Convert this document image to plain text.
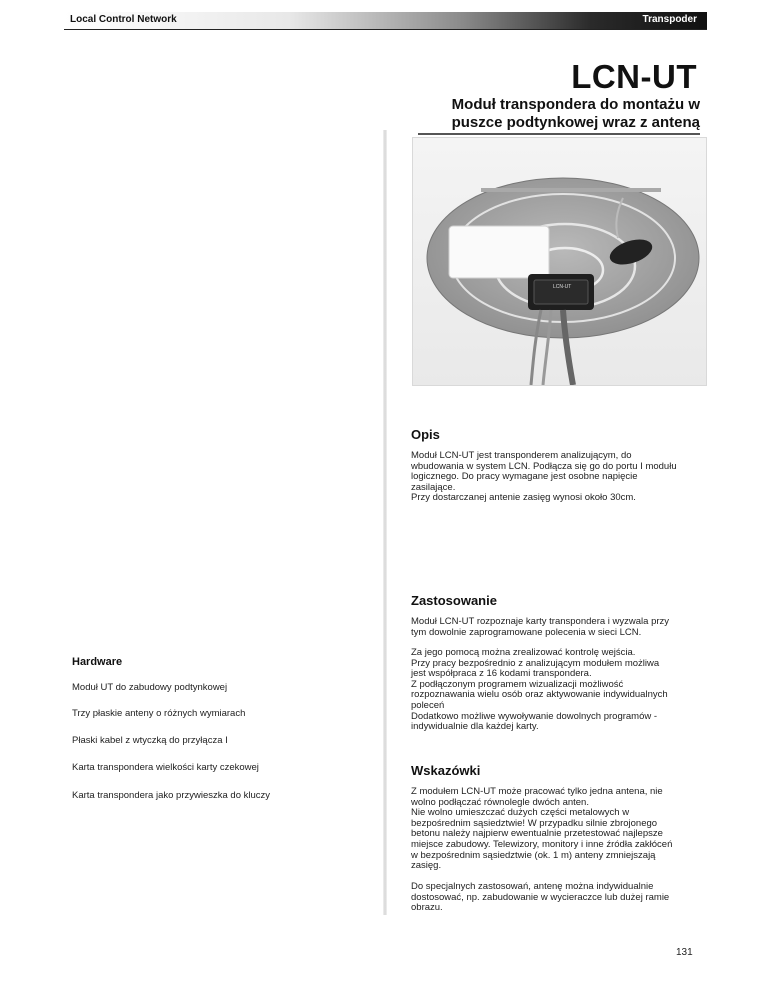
Local Control Network	Transpoder
LCN-UT
Moduł transpondera do montażu w
puszce podtynkowej wraz z anteną
LCN-UT
Opis
Moduł LCN-UT jest transponderem analizującym, do
wbudowania w system LCN. Podłącza się go do portu I modułu
logicznego. Do pracy wymagane jest osobne napięcie
zasilające.
Przy dostarczanej antenie zasięg wynosi około 30cm.
Zastosowanie
Moduł LCN-UT rozpoznaje karty transpondera i wyzwala przy
tym dowolnie zaprogramowane polecenia w sieci LCN.
Za jego pomocą można zrealizować kontrolę wejścia.
Przy pracy bezpośrednio z analizującym modułem możliwa
jest współpraca z 16 kodami transpondera.
Z podłączonym programem wizualizacji możliwość
rozpoznawania wielu osób oraz aktywowanie indywidualnych
poleceń
Dodatkowo możliwe wywoływanie dowolnych programów -
indywidualnie dla każdej karty.
Hardware
Moduł UT do zabudowy podtynkowej
Trzy płaskie anteny o różnych wymiarach
Płaski kabel z wtyczką do przyłącza I
Karta transpondera wielkości karty czekowej
Karta transpondera jako przywieszka do kluczy
Wskazówki
Z modułem LCN-UT może pracować tylko jedna antena, nie
wolno podłączać równolegle dwóch anten.
Nie wolno umieszczać dużych części metalowych w
bezpośrednim sąsiedztwie! W przypadku silnie zbrojonego
betonu należy najpierw ewentualnie przetestować najlepsze
miejsce zabudowy. Telewizory, monitory i inne źródła zakłóceń
w bezpośrednim sąsiedztwie (ok. 1 m) anteny zmniejszają
zasięg.
Do specjalnych zastosowań, antenę można indywidualnie
dostosować, np. zabudowanie w wycieraczce lub dużej ramie
obrazu.
131
